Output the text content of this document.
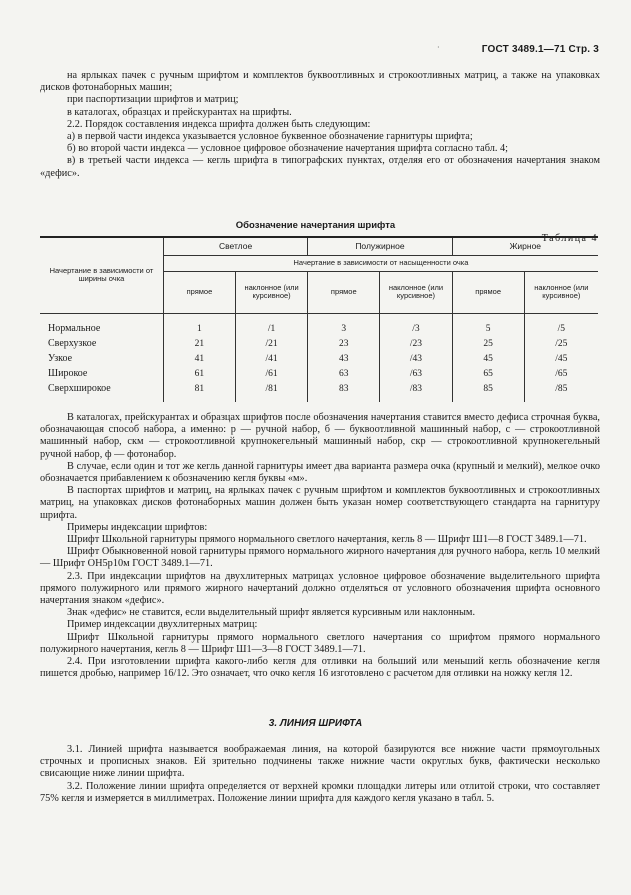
ГОСТ 3489.1—71 Стр. 3
·

на ярлыках пачек с ручным шрифтом и комплектов буквоотливных и строкоотливных матриц, а также на упаковках дисков фотонаборных машин;

при паспортизации шрифтов и матриц;

в каталогах, образцах и прейскурантах на шрифты.

2.2. Порядок составления индекса шрифта должен быть следующим:

а) в первой части индекса указывается условное буквенное обозначение гарнитуры шрифта;

б) во второй части индекса — условное цифровое обозначение начертания шрифта согласно табл. 4;

в) в третьей части индекса — кегль шрифта в типографских пунктах, отделяя его от обозначения начертания знаком «дефис».

Таблица 4
Обозначение начертания шрифта
Начертание в зависимости от ширины очка	Светлое		Полужирное		Жирное	
	Начертание в зависимости от насыщенности очка					
	прямое	наклонное (или курсивное)	прямое	наклонное (или курсивное)	прямое	наклонное (или курсивное)

Нормальное	1	/1	3	/3	5	/5
Сверхузкое	21	/21	23	/23	25	/25
Узкое	41	/41	43	/43	45	/45
Широкое	61	/61	63	/63	65	/65
Сверхширокое	81	/81	83	/83	85	/85

В каталогах, прейскурантах и образцах шрифтов после обозначения начертания ставится вместо дефиса строчная буква, обозначающая способ набора, а именно: р — ручной набор, б — буквоотливной машинный набор, с — строкоотливной машинный набор, скм — строкоотливной крупнокегельный машинный набор, скр — строкоотливной крупнокегельный ручной набор, ф — фотонабор.

В случае, если один и тот же кегль данной гарнитуры имеет два варианта размера очка (крупный и мелкий), мелкое очко обозначается прибавлением к обозначению кегля буквы «м».

В паспортах шрифтов и матриц, на ярлыках пачек с ручным шрифтом и комплектов буквоотливных и строкоотливных матриц, на упаковках дисков фотонаборных машин должен быть указан номер соответствующего стандарта на гарнитуру шрифта.

Примеры индексации шрифтов:

Шрифт Школьной гарнитуры прямого нормального светлого начертания, кегль 8 — Шрифт Ш1—8 ГОСТ 3489.1—71.

Шрифт Обыкновенной новой гарнитуры прямого нормального жирного начертания для ручного набора, кегль 10 мелкий — Шрифт ОН5р10м ГОСТ 3489.1—71.

2.3. При индексации шрифтов на двухлитерных матрицах условное цифровое обозначение выделительного шрифта прямого полужирного или прямого жирного начертаний должно отделяться от условного обозначения шрифта основного начертания знаком «дефис».

Знак «дефис» не ставится, если выделительный шрифт является курсивным или наклонным.

Пример индексации двухлитерных матриц:

Шрифт Школьной гарнитуры прямого нормального светлого начертания со шрифтом прямого нормального полужирного начертания, кегль 8 — Шрифт Ш1—3—8 ГОСТ 3489.1—71.

2.4. При изготовлении шрифта какого-либо кегля для отливки на больший или меньший кегль обозначение кегля пишется дробью, например 16/12. Это означает, что очко кегля 16 изготовлено с расчетом для отливки на ножку кегля 12.

3. ЛИНИЯ ШРИФТА

3.1. Линией шрифта называется воображаемая линия, на которой базируются все нижние части прямоугольных строчных и прописных знаков. Ей зрительно подчинены также нижние части округлых букв, фактически несколько свисающие ниже линии шрифта.

3.2. Положение линии шрифта определяется от верхней кромки площадки литеры или отлитой строки, что составляет 75% кегля и измеряется в миллиметрах. Положение линии шрифта для каждого кегля указано в табл. 5.
